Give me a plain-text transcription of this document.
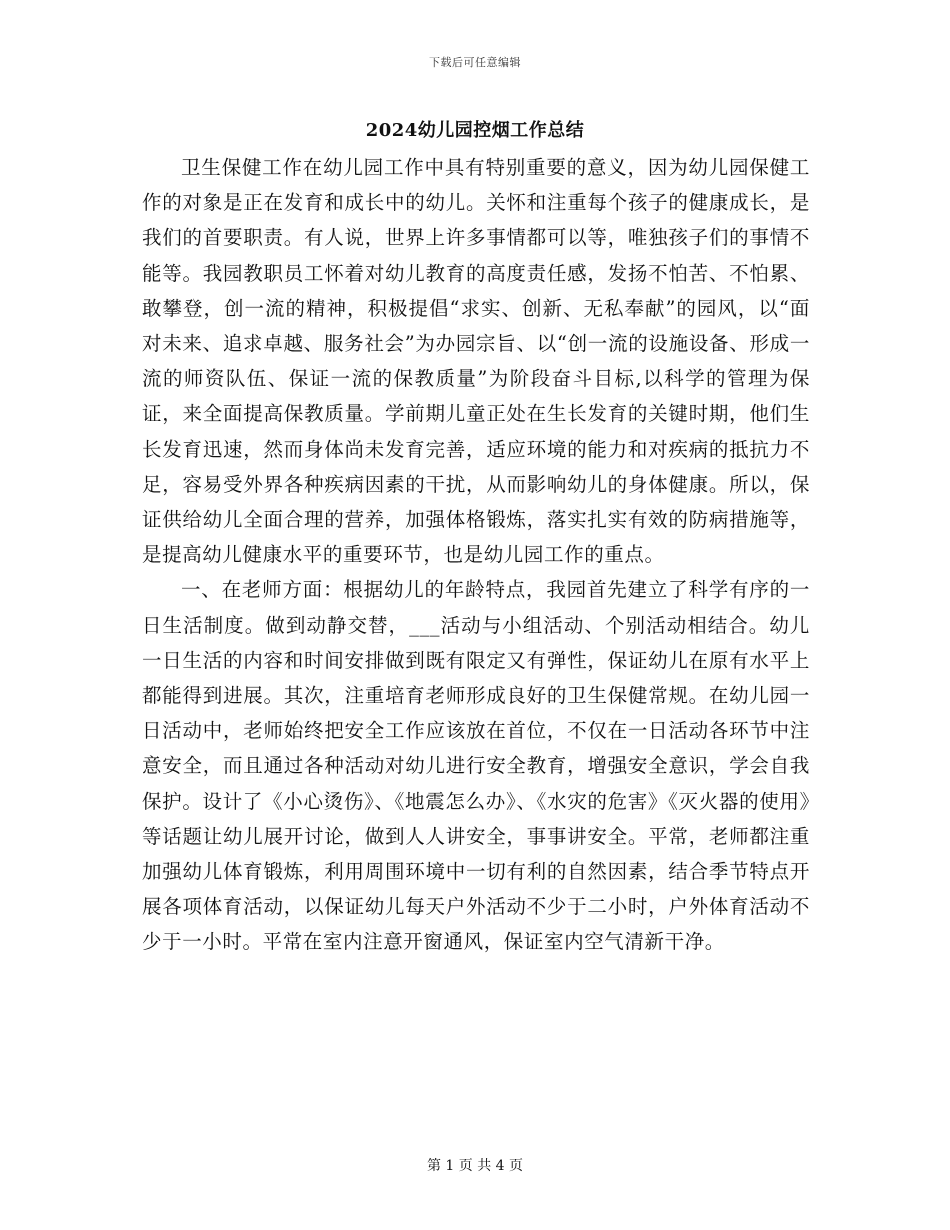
下载后可任意编辑
2024幼儿园控烟工作总结

卫生保健工作在幼儿园工作中具有特别重要的意义，因为幼儿园保健工作的对象是正在发育和成长中的幼儿。关怀和注重每个孩子的健康成长，是我们的首要职责。有人说，世界上许多事情都可以等，唯独孩子们的事情不能等。我园教职员工怀着对幼儿教育的高度责任感，发扬不怕苦、不怕累、敢攀登，创一流的精神，积极提倡“求实、创新、无私奉献”的园风，以“面对未来、追求卓越、服务社会”为办园宗旨、以“创一流的设施设备、形成一流的师资队伍、保证一流的保教质量”为阶段奋斗目标,以科学的管理为保证，来全面提高保教质量。学前期儿童正处在生长发育的关键时期，他们生长发育迅速，然而身体尚未发育完善，适应环境的能力和对疾病的抵抗力不足，容易受外界各种疾病因素的干扰，从而影响幼儿的身体健康。所以，保证供给幼儿全面合理的营养，加强体格锻炼，落实扎实有效的防病措施等，是提高幼儿健康水平的重要环节，也是幼儿园工作的重点。

一、在老师方面：根据幼儿的年龄特点，我园首先建立了科学有序的一日生活制度。做到动静交替，___活动与小组活动、个别活动相结合。幼儿一日生活的内容和时间安排做到既有限定又有弹性，保证幼儿在原有水平上都能得到进展。其次，注重培育老师形成良好的卫生保健常规。在幼儿园一日活动中，老师始终把安全工作应该放在首位，不仅在一日活动各环节中注意安全，而且通过各种活动对幼儿进行安全教育，增强安全意识，学会自我保护。设计了《小心烫伤》、《地震怎么办》、《水灾的危害》《灭火器的使用》等话题让幼儿展开讨论，做到人人讲安全，事事讲安全。平常，老师都注重加强幼儿体育锻炼，利用周围环境中一切有利的自然因素，结合季节特点开展各项体育活动，以保证幼儿每天户外活动不少于二小时，户外体育活动不少于一小时。平常在室内注意开窗通风，保证室内空气清新干净。

第 1 页 共 4 页
